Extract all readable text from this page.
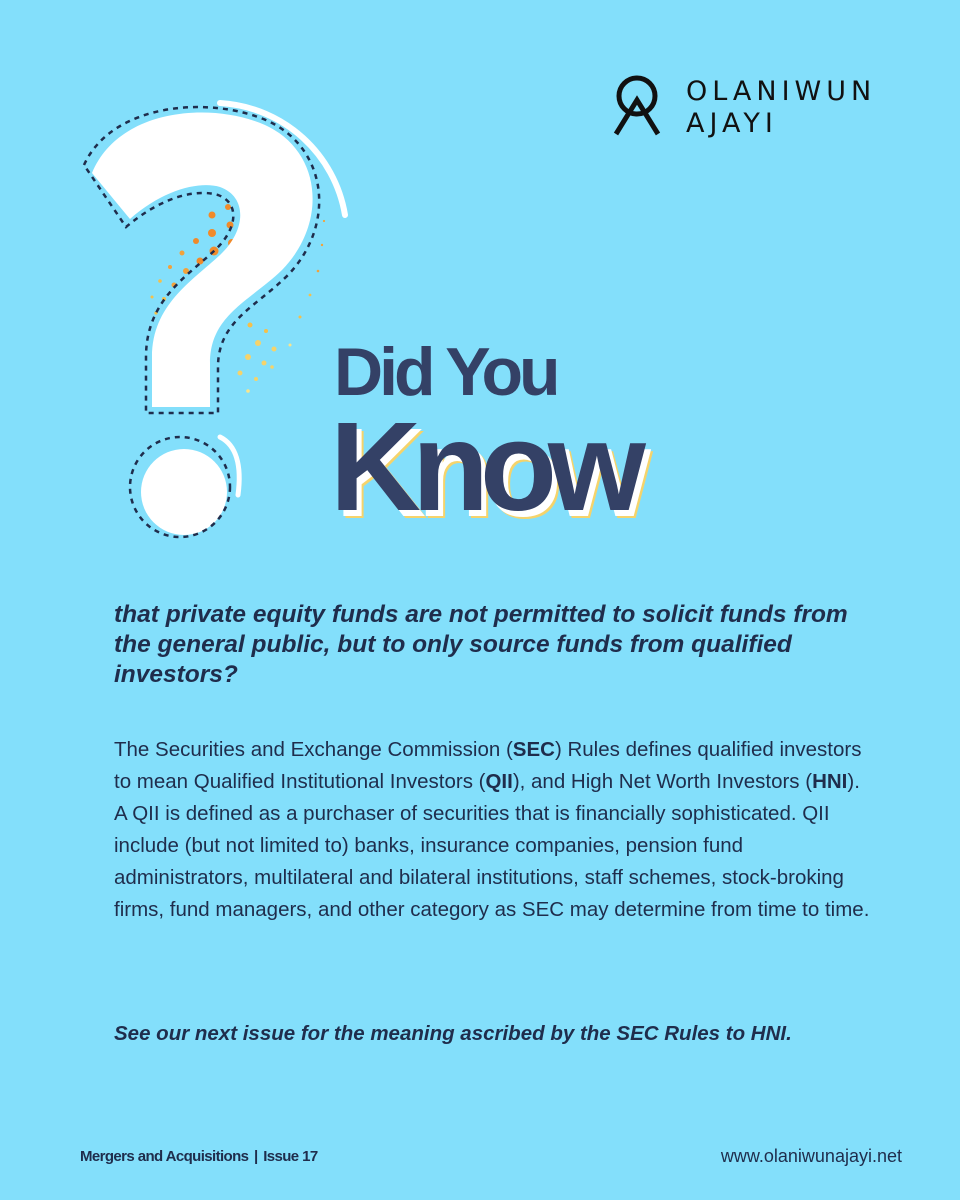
OLANIWUN
AJAYI
Did You
Know

that private equity funds are not permitted to solicit funds from the general public, but to only source funds from qualified investors?

The Securities and Exchange Commission (SEC) Rules defines qualified investors to mean Qualified Institutional Investors (QII), and High Net Worth Investors (HNI). A QII is defined as a purchaser of securities that is financially sophisticated. QII include (but not limited to) banks, insurance companies, pension fund administrators, multilateral and bilateral institutions, staff schemes, stock-broking firms, fund managers, and other category as SEC may determine from time to time.

See our next issue for the meaning ascribed by the SEC Rules to HNI.

Mergers and Acquisitions | Issue 17	www.olaniwunajayi.net
